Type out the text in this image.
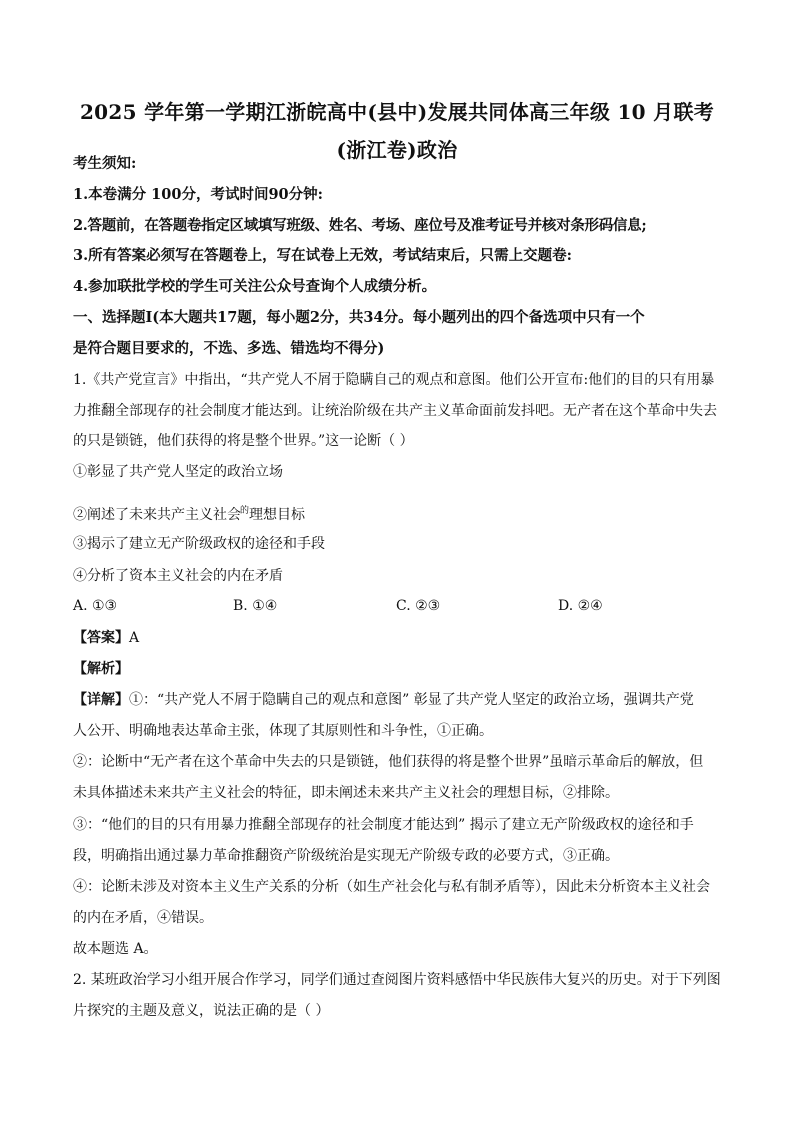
2025 学年第一学期江浙皖高中(县中)发展共同体高三年级 10 月联考
(浙江卷)政治
考生须知:
1.本卷满分 100分，考试时间90分钟:
2.答题前，在答题卷指定区域填写班级、姓名、考场、座位号及准考证号并核对条形码信息;
3.所有答案必须写在答题卷上，写在试卷上无效，考试结束后，只需上交题卷:
4.参加联批学校的学生可关注公众号查询个人成绩分析。
一、选择题Ⅰ(本大题共17题，每小题2分，共34分。每小题列出的四个备选项中只有一个
是符合题目要求的，不选、多选、错选均不得分)
1.《共产党宣言》中指出，“共产党人不屑于隐瞒自己的观点和意图。他们公开宣布:他们的目的只有用暴
力推翻全部现存的社会制度才能达到。让统治阶级在共产主义革命面前发抖吧。无产者在这个革命中失去
的只是锁链，他们获得的将是整个世界。”这一论断（ ）
①彰显了共产党人坚定的政治立场
②阐述了未来共产主义社会$^的$理想目标
③揭示了建立无产阶级政权的途径和手段
④分析了资本主义社会的内在矛盾
A. ①③	B. ①④	C. ②③	D. ②④
【答案】A
【解析】
【详解】①：“共产党人不屑于隐瞒自己的观点和意图” 彰显了共产党人坚定的政治立场，强调共产党
人公开、明确地表达革命主张，体现了其原则性和斗争性，①正确。
②：论断中“无产者在这个革命中失去的只是锁链，他们获得的将是整个世界”虽暗示革命后的解放，但
未具体描述未来共产主义社会的特征，即未阐述未来共产主义社会的理想目标，②排除。
③：“他们的目的只有用暴力推翻全部现存的社会制度才能达到” 揭示了建立无产阶级政权的途径和手
段，明确指出通过暴力革命推翻资产阶级统治是实现无产阶级专政的必要方式，③正确。
④：论断未涉及对资本主义生产关系的分析（如生产社会化与私有制矛盾等），因此未分析资本主义社会
的内在矛盾，④错误。
故本题选 A。
2. 某班政治学习小组开展合作学习，同学们通过查阅图片资料感悟中华民族伟大复兴的历史。对于下列图
片探究的主题及意义，说法正确的是（ ）
